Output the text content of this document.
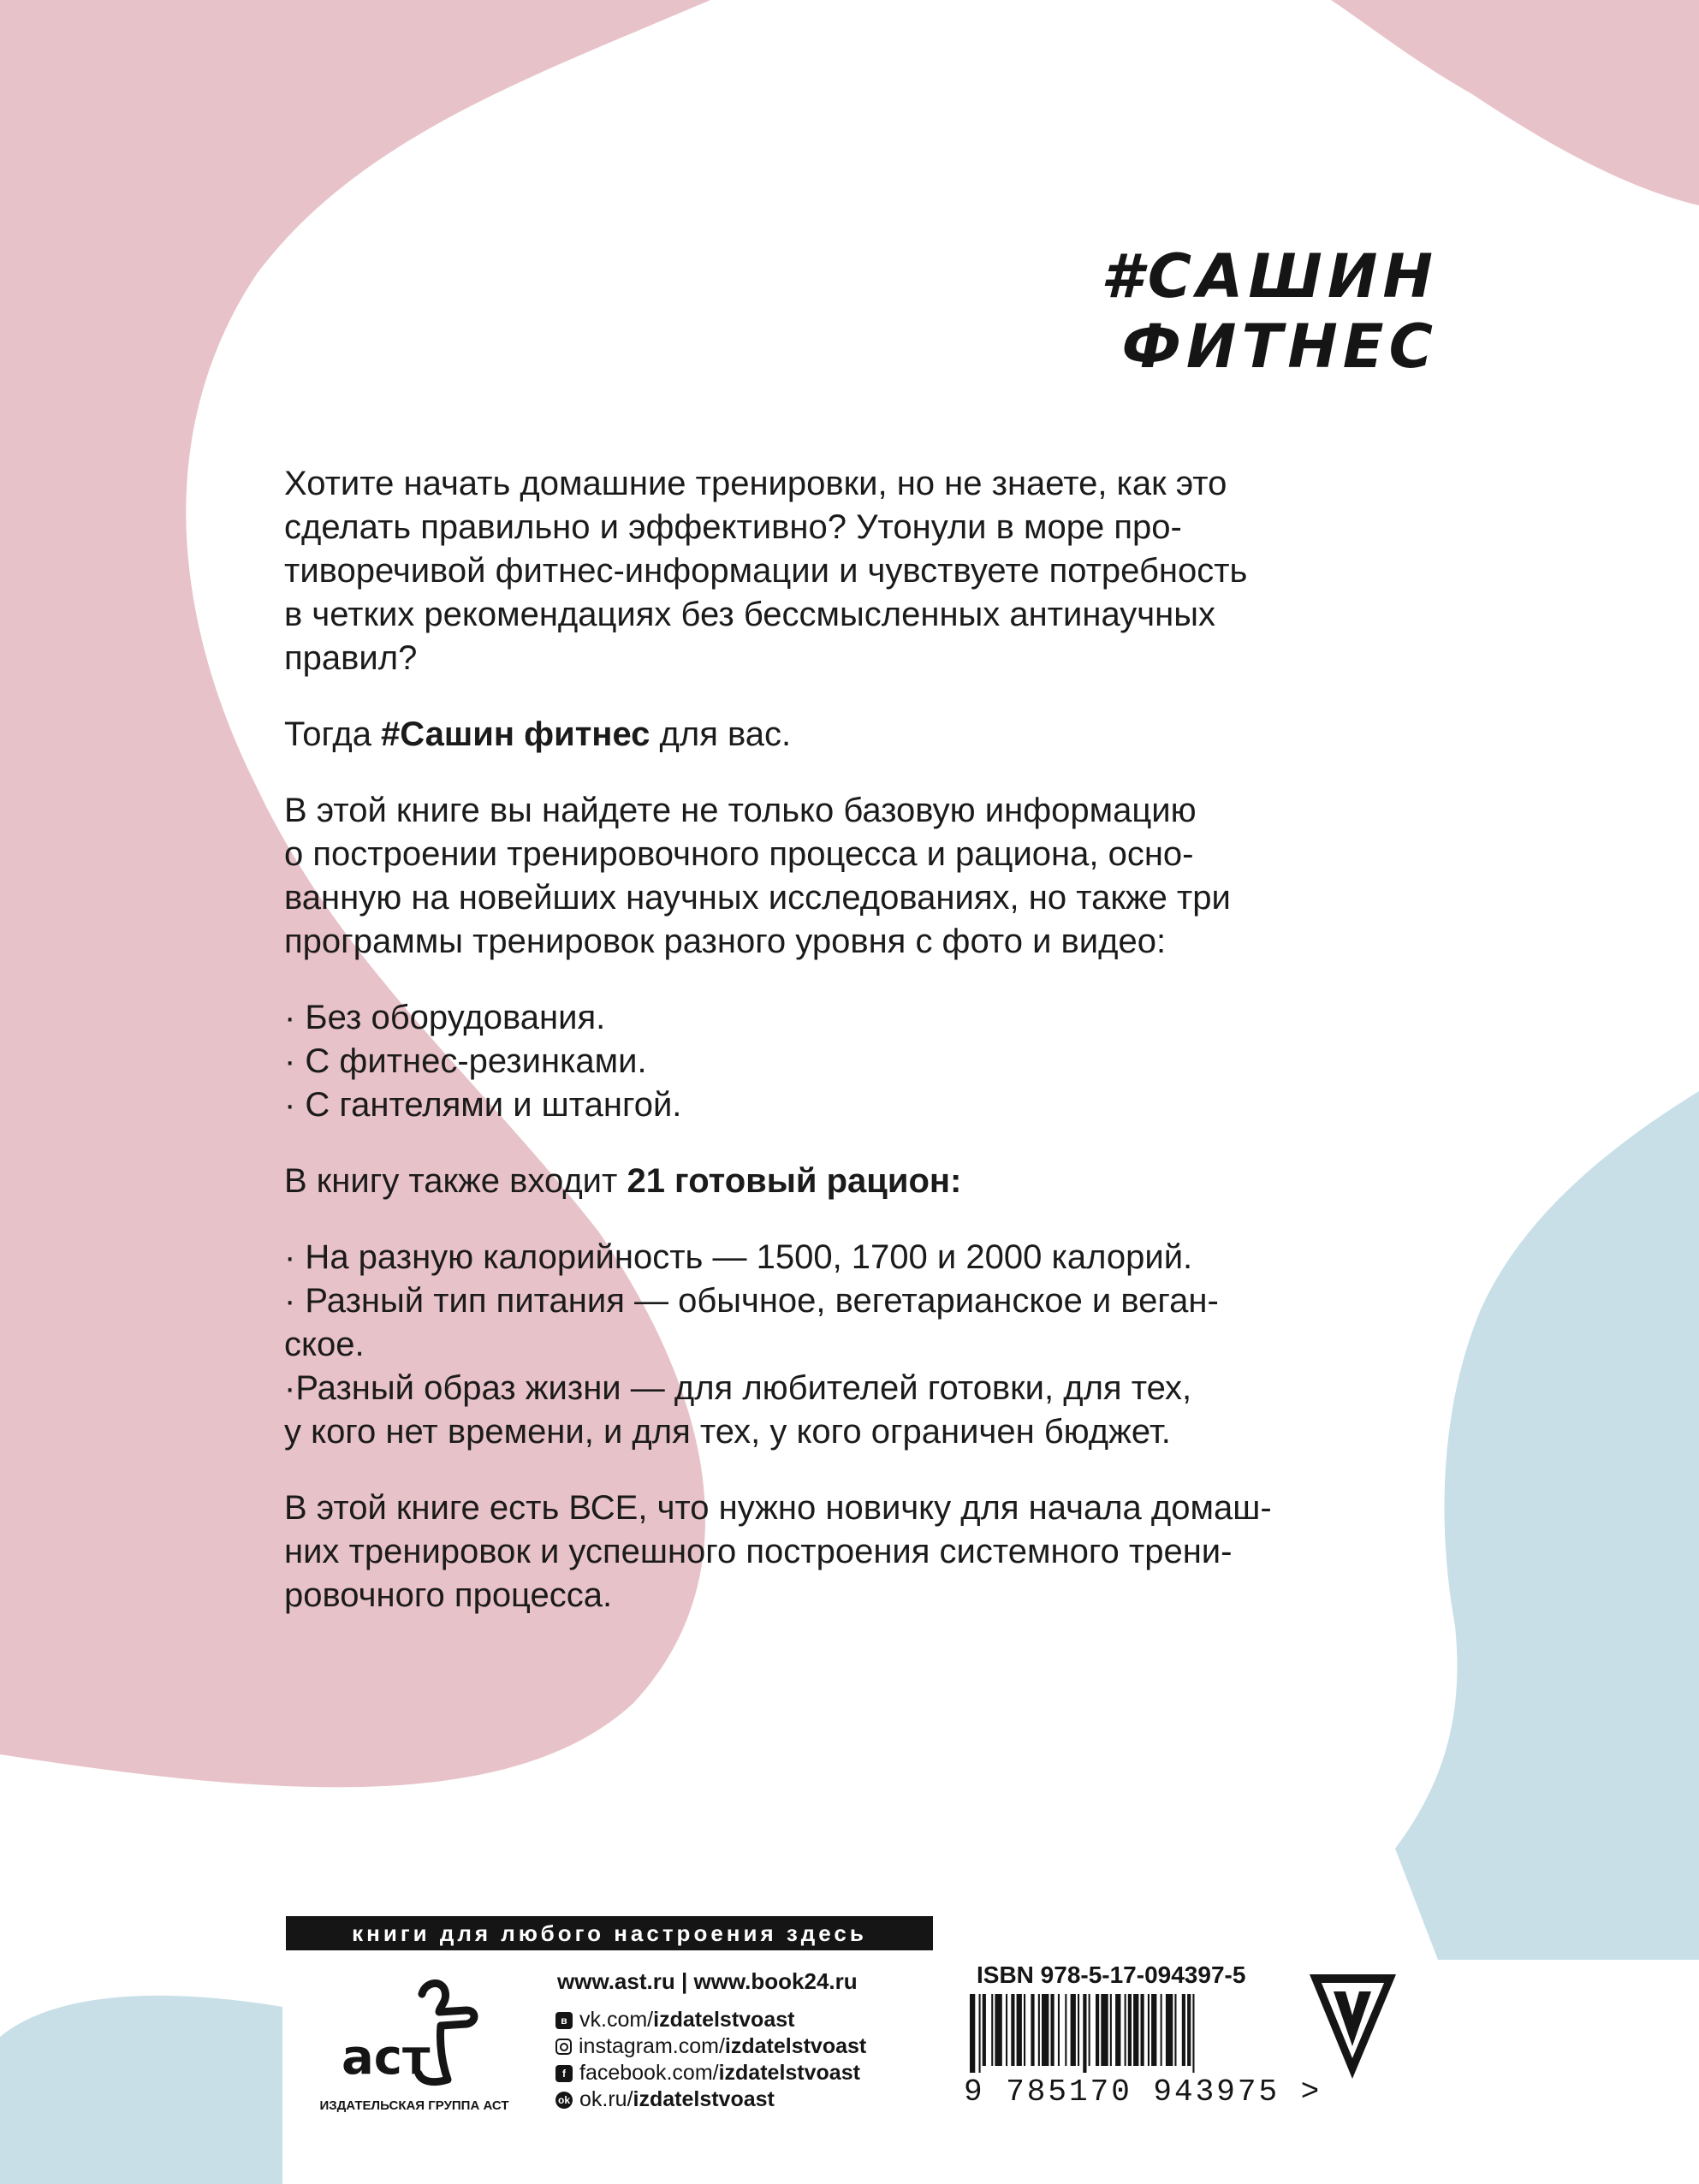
#САШИН ФИТНЕС

Хотите начать домашние тренировки, но не знаете, как это
сделать правильно и эффективно? Утонули в море про-
тиворечивой фитнес-информации и чувствуете потребность
в четких рекомендациях без бессмысленных антинаучных
правил?

Тогда #Сашин фитнес для вас.

В этой книге вы найдете не только базовую информацию
о построении тренировочного процесса и рациона, осно-
ванную на новейших научных исследованиях, но также три
программы тренировок разного уровня с фото и видео:

· Без оборудования.
· С фитнес-резинками.
· С гантелями и штангой.

В книгу также входит 21 готовый рацион:

· На разную калорийность — 1500, 1700 и 2000 калорий.
· Разный тип питания — обычное, вегетарианское и веган-
ское.
·Разный образ жизни — для любителей готовки, для тех,
у кого нет времени, и для тех, у кого ограничен бюджет.

В этой книге есть ВСЕ, что нужно новичку для начала домаш-
них тренировок и успешного построения системного трени-
ровочного процесса.

книги для любого настроения здесь
аст
ИЗДАТЕЛЬСКАЯ ГРУППА АСТ
www.ast.ru | www.book24.ru
в vk.com/ izdatelstvoast
instagram.com/ izdatelstvoast
f facebook.com/ izdatelstvoast
ok ok.ru/ izdatelstvoast
ISBN 978-5-17-094397-5
9 785170 943975 >
